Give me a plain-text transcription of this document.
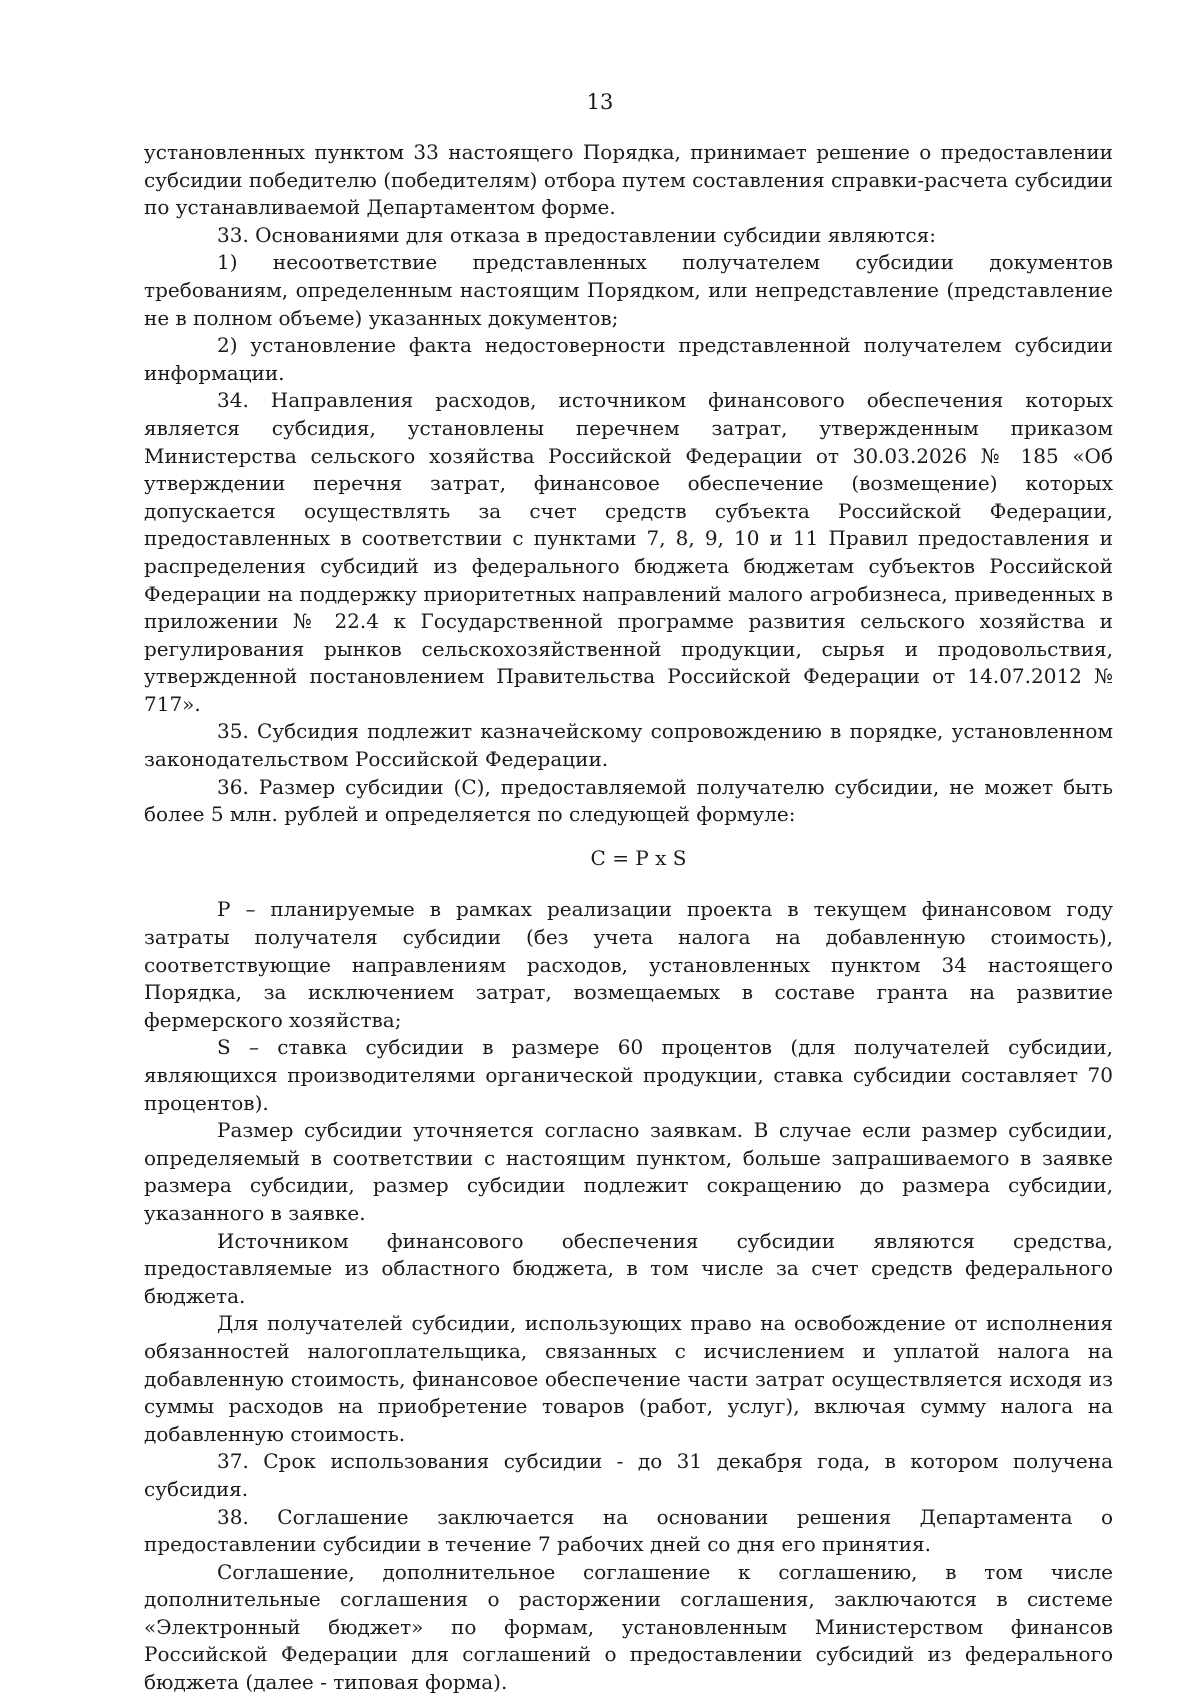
13

установленных пунктом 33 настоящего Порядка, принимает решение о предоставлении субсидии победителю (победителям) отбора путем составления справки-расчета субсидии по устанавливаемой Департаментом форме.

33. Основаниями для отказа в предоставлении субсидии являются:

1) несоответствие представленных получателем субсидии документов требованиям, определенным настоящим Порядком, или непредставление (представление не в полном объеме) указанных документов;

2) установление факта недостоверности представленной получателем субсидии информации.

34. Направления расходов, источником финансового обеспечения которых является субсидия, установлены перечнем затрат, утвержденным приказом Министерства сельского хозяйства Российской Федерации от 30.03.2026 № 185 «Об утверждении перечня затрат, финансовое обеспечение (возмещение) которых допускается осуществлять за счет средств субъекта Российской Федерации, предоставленных в соответствии с пунктами 7, 8, 9, 10 и 11 Правил предоставления и распределения субсидий из федерального бюджета бюджетам субъектов Российской Федерации на поддержку приоритетных направлений малого агробизнеса, приведенных в приложении № 22.4 к Государственной программе развития сельского хозяйства и регулирования рынков сельскохозяйственной продукции, сырья и продовольствия, утвержденной постановлением Правительства Российской Федерации от 14.07.2012 № 717».

35. Субсидия подлежит казначейскому сопровождению в порядке, установленном законодательством Российской Федерации.

36. Размер субсидии (С), предоставляемой получателю субсидии, не может быть более 5 млн. рублей и определяется по следующей формуле:

С = P x S

P – планируемые в рамках реализации проекта в текущем финансовом году затраты получателя субсидии (без учета налога на добавленную стоимость), соответствующие направлениям расходов, установленных пунктом 34 настоящего Порядка, за исключением затрат, возмещаемых в составе гранта на развитие фермерского хозяйства;

S – ставка субсидии в размере 60 процентов (для получателей субсидии, являющихся производителями органической продукции, ставка субсидии составляет 70 процентов).

Размер субсидии уточняется согласно заявкам. В случае если размер субсидии, определяемый в соответствии с настоящим пунктом, больше запрашиваемого в заявке размера субсидии, размер субсидии подлежит сокращению до размера субсидии, указанного в заявке.

Источником финансового обеспечения субсидии являются средства, предоставляемые из областного бюджета, в том числе за счет средств федерального бюджета.

Для получателей субсидии, использующих право на освобождение от исполнения обязанностей налогоплательщика, связанных с исчислением и уплатой налога на добавленную стоимость, финансовое обеспечение части затрат осуществляется исходя из суммы расходов на приобретение товаров (работ, услуг), включая сумму налога на добавленную стоимость.

37. Срок использования субсидии - до 31 декабря года, в котором получена субсидия.

38. Соглашение заключается на основании решения Департамента о предоставлении субсидии в течение 7 рабочих дней со дня его принятия.

Соглашение, дополнительное соглашение к соглашению, в том числе дополнительные соглашения о расторжении соглашения, заключаются в системе «Электронный бюджет» по формам, установленным Министерством финансов Российской Федерации для соглашений о предоставлении субсидий из федерального бюджета (далее - типовая форма).
